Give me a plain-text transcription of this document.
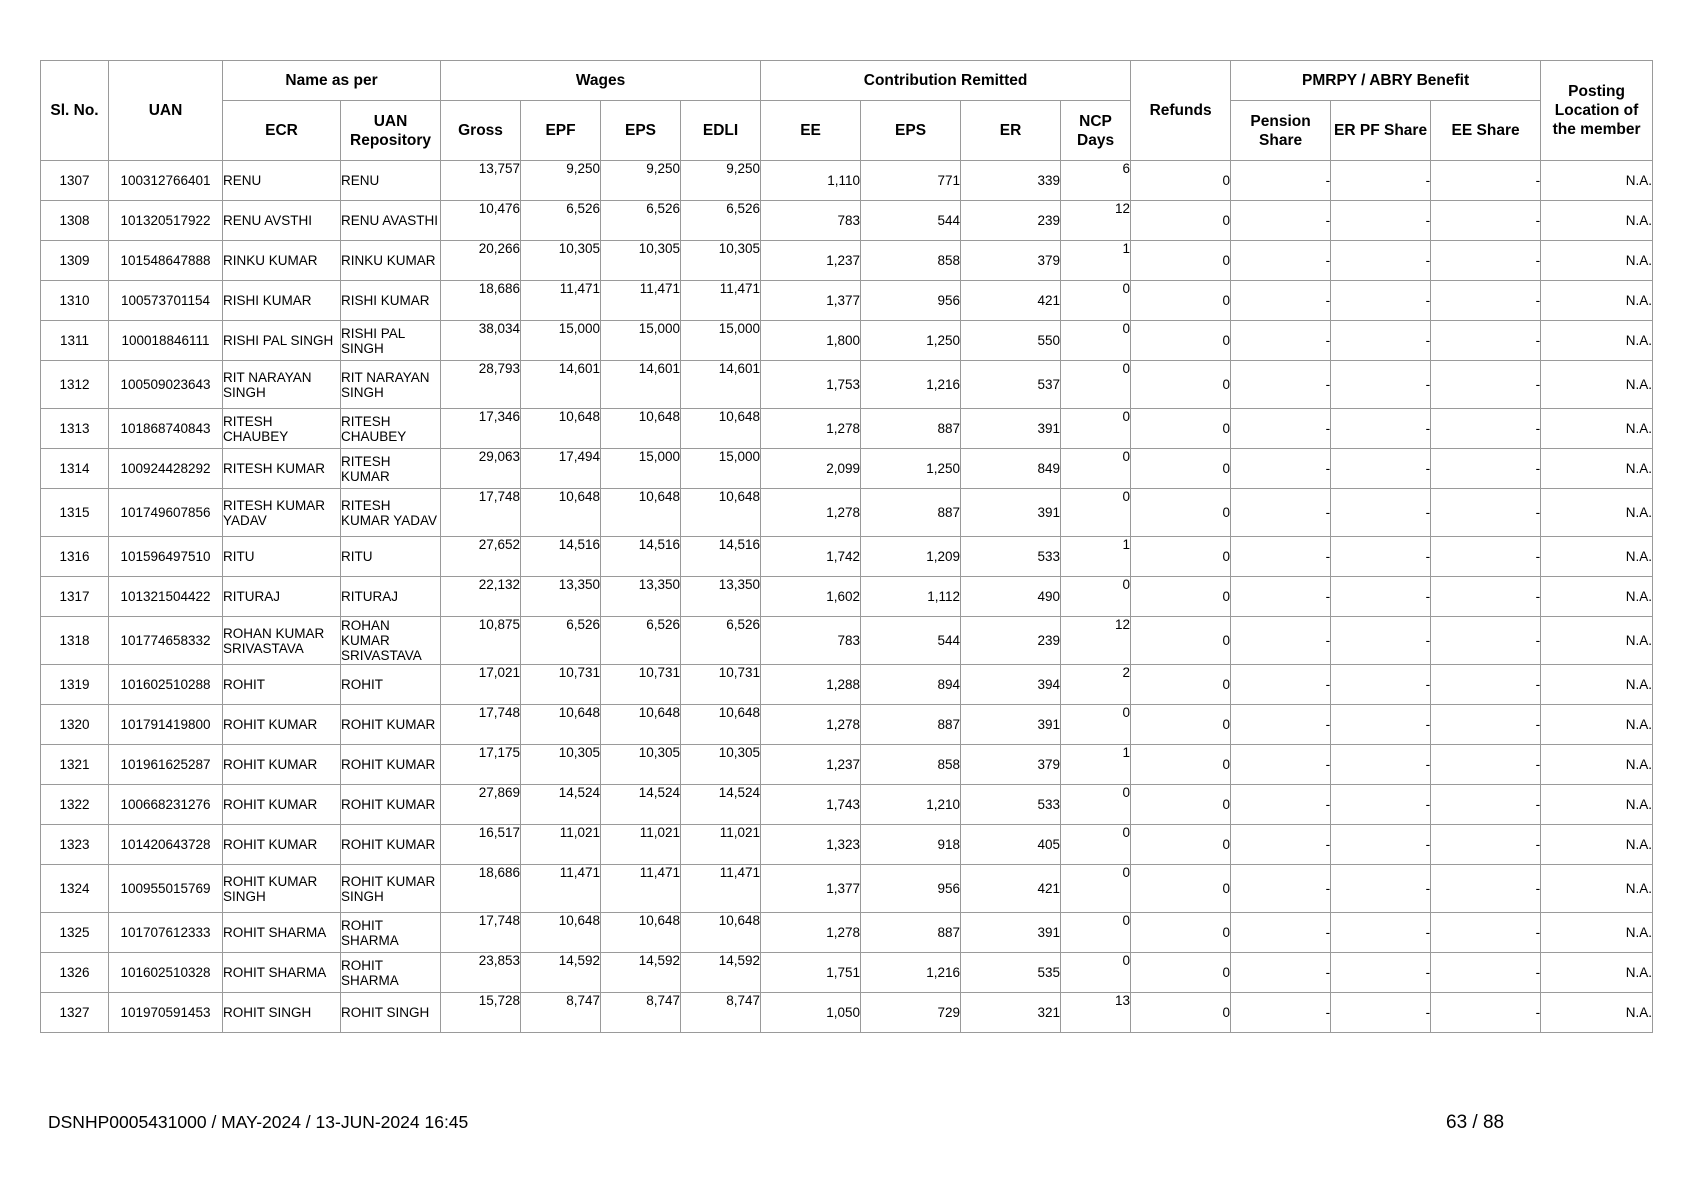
Sl. No.	UAN	Name as per		Wages				Contribution Remitted				Refunds	PMRPY / ABRY Benefit			Posting Location of the member
		ECR	UAN Repository	Gross	EPF	EPS	EDLI	EE	EPS	ER	NCP Days		Pension Share	ER PF Share	EE Share	
1307	100312766401	RENU	RENU	13,757	9,250	9,250	9,250	1,110	771	339	6	0	-	-	-	N.A.
1308	101320517922	RENU AVSTHI	RENU AVASTHI	10,476	6,526	6,526	6,526	783	544	239	12	0	-	-	-	N.A.
1309	101548647888	RINKU KUMAR	RINKU KUMAR	20,266	10,305	10,305	10,305	1,237	858	379	1	0	-	-	-	N.A.
1310	100573701154	RISHI KUMAR	RISHI KUMAR	18,686	11,471	11,471	11,471	1,377	956	421	0	0	-	-	-	N.A.
1311	100018846111	RISHI PAL SINGH	RISHI PAL SINGH	38,034	15,000	15,000	15,000	1,800	1,250	550	0	0	-	-	-	N.A.
1312	100509023643	RIT NARAYAN SINGH	RIT NARAYAN SINGH	28,793	14,601	14,601	14,601	1,753	1,216	537	0	0	-	-	-	N.A.
1313	101868740843	RITESH CHAUBEY	RITESH CHAUBEY	17,346	10,648	10,648	10,648	1,278	887	391	0	0	-	-	-	N.A.
1314	100924428292	RITESH KUMAR	RITESH KUMAR	29,063	17,494	15,000	15,000	2,099	1,250	849	0	0	-	-	-	N.A.
1315	101749607856	RITESH KUMAR YADAV	RITESH KUMAR YADAV	17,748	10,648	10,648	10,648	1,278	887	391	0	0	-	-	-	N.A.
1316	101596497510	RITU	RITU	27,652	14,516	14,516	14,516	1,742	1,209	533	1	0	-	-	-	N.A.
1317	101321504422	RITURAJ	RITURAJ	22,132	13,350	13,350	13,350	1,602	1,112	490	0	0	-	-	-	N.A.
1318	101774658332	ROHAN KUMAR SRIVASTAVA	ROHAN KUMAR SRIVASTAVA	10,875	6,526	6,526	6,526	783	544	239	12	0	-	-	-	N.A.
1319	101602510288	ROHIT	ROHIT	17,021	10,731	10,731	10,731	1,288	894	394	2	0	-	-	-	N.A.
1320	101791419800	ROHIT KUMAR	ROHIT KUMAR	17,748	10,648	10,648	10,648	1,278	887	391	0	0	-	-	-	N.A.
1321	101961625287	ROHIT KUMAR	ROHIT KUMAR	17,175	10,305	10,305	10,305	1,237	858	379	1	0	-	-	-	N.A.
1322	100668231276	ROHIT KUMAR	ROHIT KUMAR	27,869	14,524	14,524	14,524	1,743	1,210	533	0	0	-	-	-	N.A.
1323	101420643728	ROHIT KUMAR	ROHIT KUMAR	16,517	11,021	11,021	11,021	1,323	918	405	0	0	-	-	-	N.A.
1324	100955015769	ROHIT KUMAR SINGH	ROHIT KUMAR SINGH	18,686	11,471	11,471	11,471	1,377	956	421	0	0	-	-	-	N.A.
1325	101707612333	ROHIT SHARMA	ROHIT SHARMA	17,748	10,648	10,648	10,648	1,278	887	391	0	0	-	-	-	N.A.
1326	101602510328	ROHIT SHARMA	ROHIT SHARMA	23,853	14,592	14,592	14,592	1,751	1,216	535	0	0	-	-	-	N.A.
1327	101970591453	ROHIT SINGH	ROHIT SINGH	15,728	8,747	8,747	8,747	1,050	729	321	13	0	-	-	-	N.A.
DSNHP0005431000 / MAY-2024 / 13-JUN-2024 16:45	63 / 88
